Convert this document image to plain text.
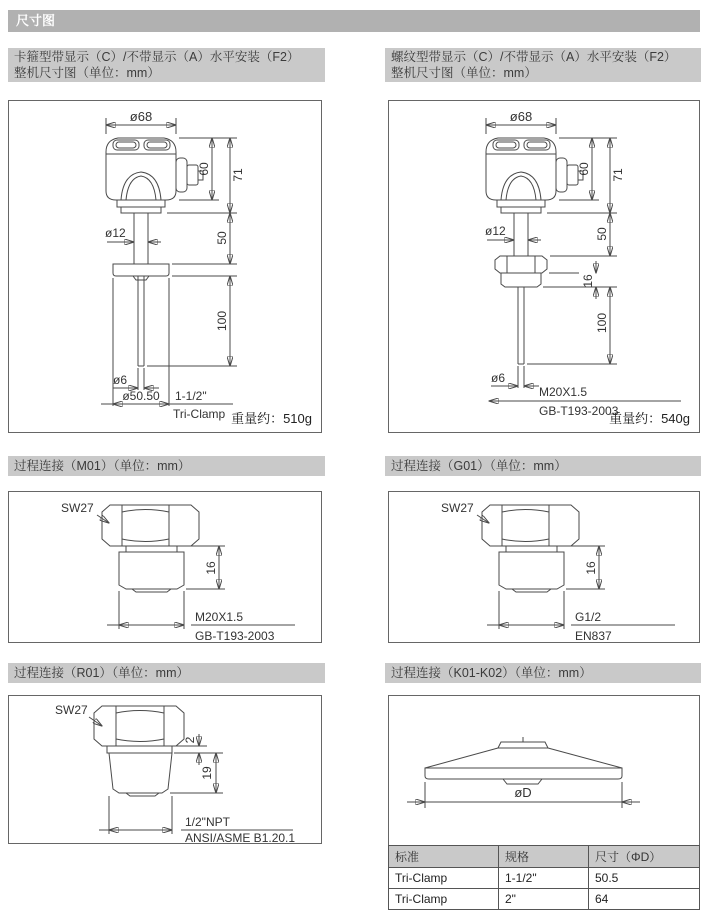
尺寸图
卡箍型带显示（C）/不带显示（A）水平安装（F2）
整机尺寸图（单位：mm）
螺纹型带显示（C）/不带显示（A）水平安装（F2）
整机尺寸图（单位：mm）
ø68
60 71
50
100
ø12
ø6
ø50.50 1-1/2"
Tri-Clamp 重量约：510g
ø68
60 71
50
16
100
ø12
ø6
M20X1.5
GB-T193-2003
重量约：540g
过程连接（M01）（单位：mm）	过程连接（G01）（单位：mm）
SW27
16
M20X1.5
GB-T193-2003
SW27
16
G1/2
EN837
过程连接（R01）（单位：mm）	过程连接（K01-K02）（单位：mm）
SW27
2
19
1/2"NPT
ANSI/ASME B1.20.1
øD
标准	规格	尺寸（ΦD）
Tri-Clamp	1-1/2"	50.5
Tri-Clamp	2"	64
